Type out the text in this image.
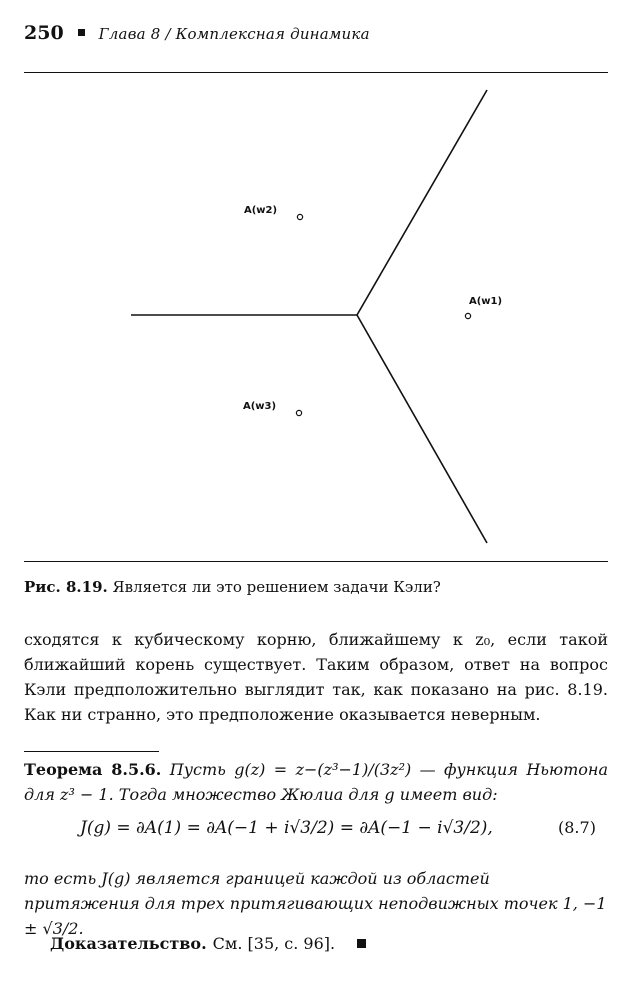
250 Глава 8 / Комплексная динамика
A(w2)
A(w1)
A(w3)
Рис. 8.19. Является ли это решением задачи Кэли?

сходятся к кубическому корню, ближайшему к z₀, если такой ближайший корень существует. Таким образом, ответ на вопрос Кэли предположительно выглядит так, как показано на рис. 8.19. Как ни странно, это предположение оказывается неверным.

Теорема 8.5.6. Пусть g(z) = z−(z³−1)/(3z²) — функция Ньютона для z³ − 1. Тогда множество Жюлиа для g имеет вид:

J(g) = ∂A(1) = ∂A(−1 + i√3/2) = ∂A(−1 − i√3/2),	(8.7)

то есть J(g) является границей каждой из областей притяжения для трех притягивающих неподвижных точек 1, −1 ± √3/2.

Доказательство. См. [35, с. 96].
